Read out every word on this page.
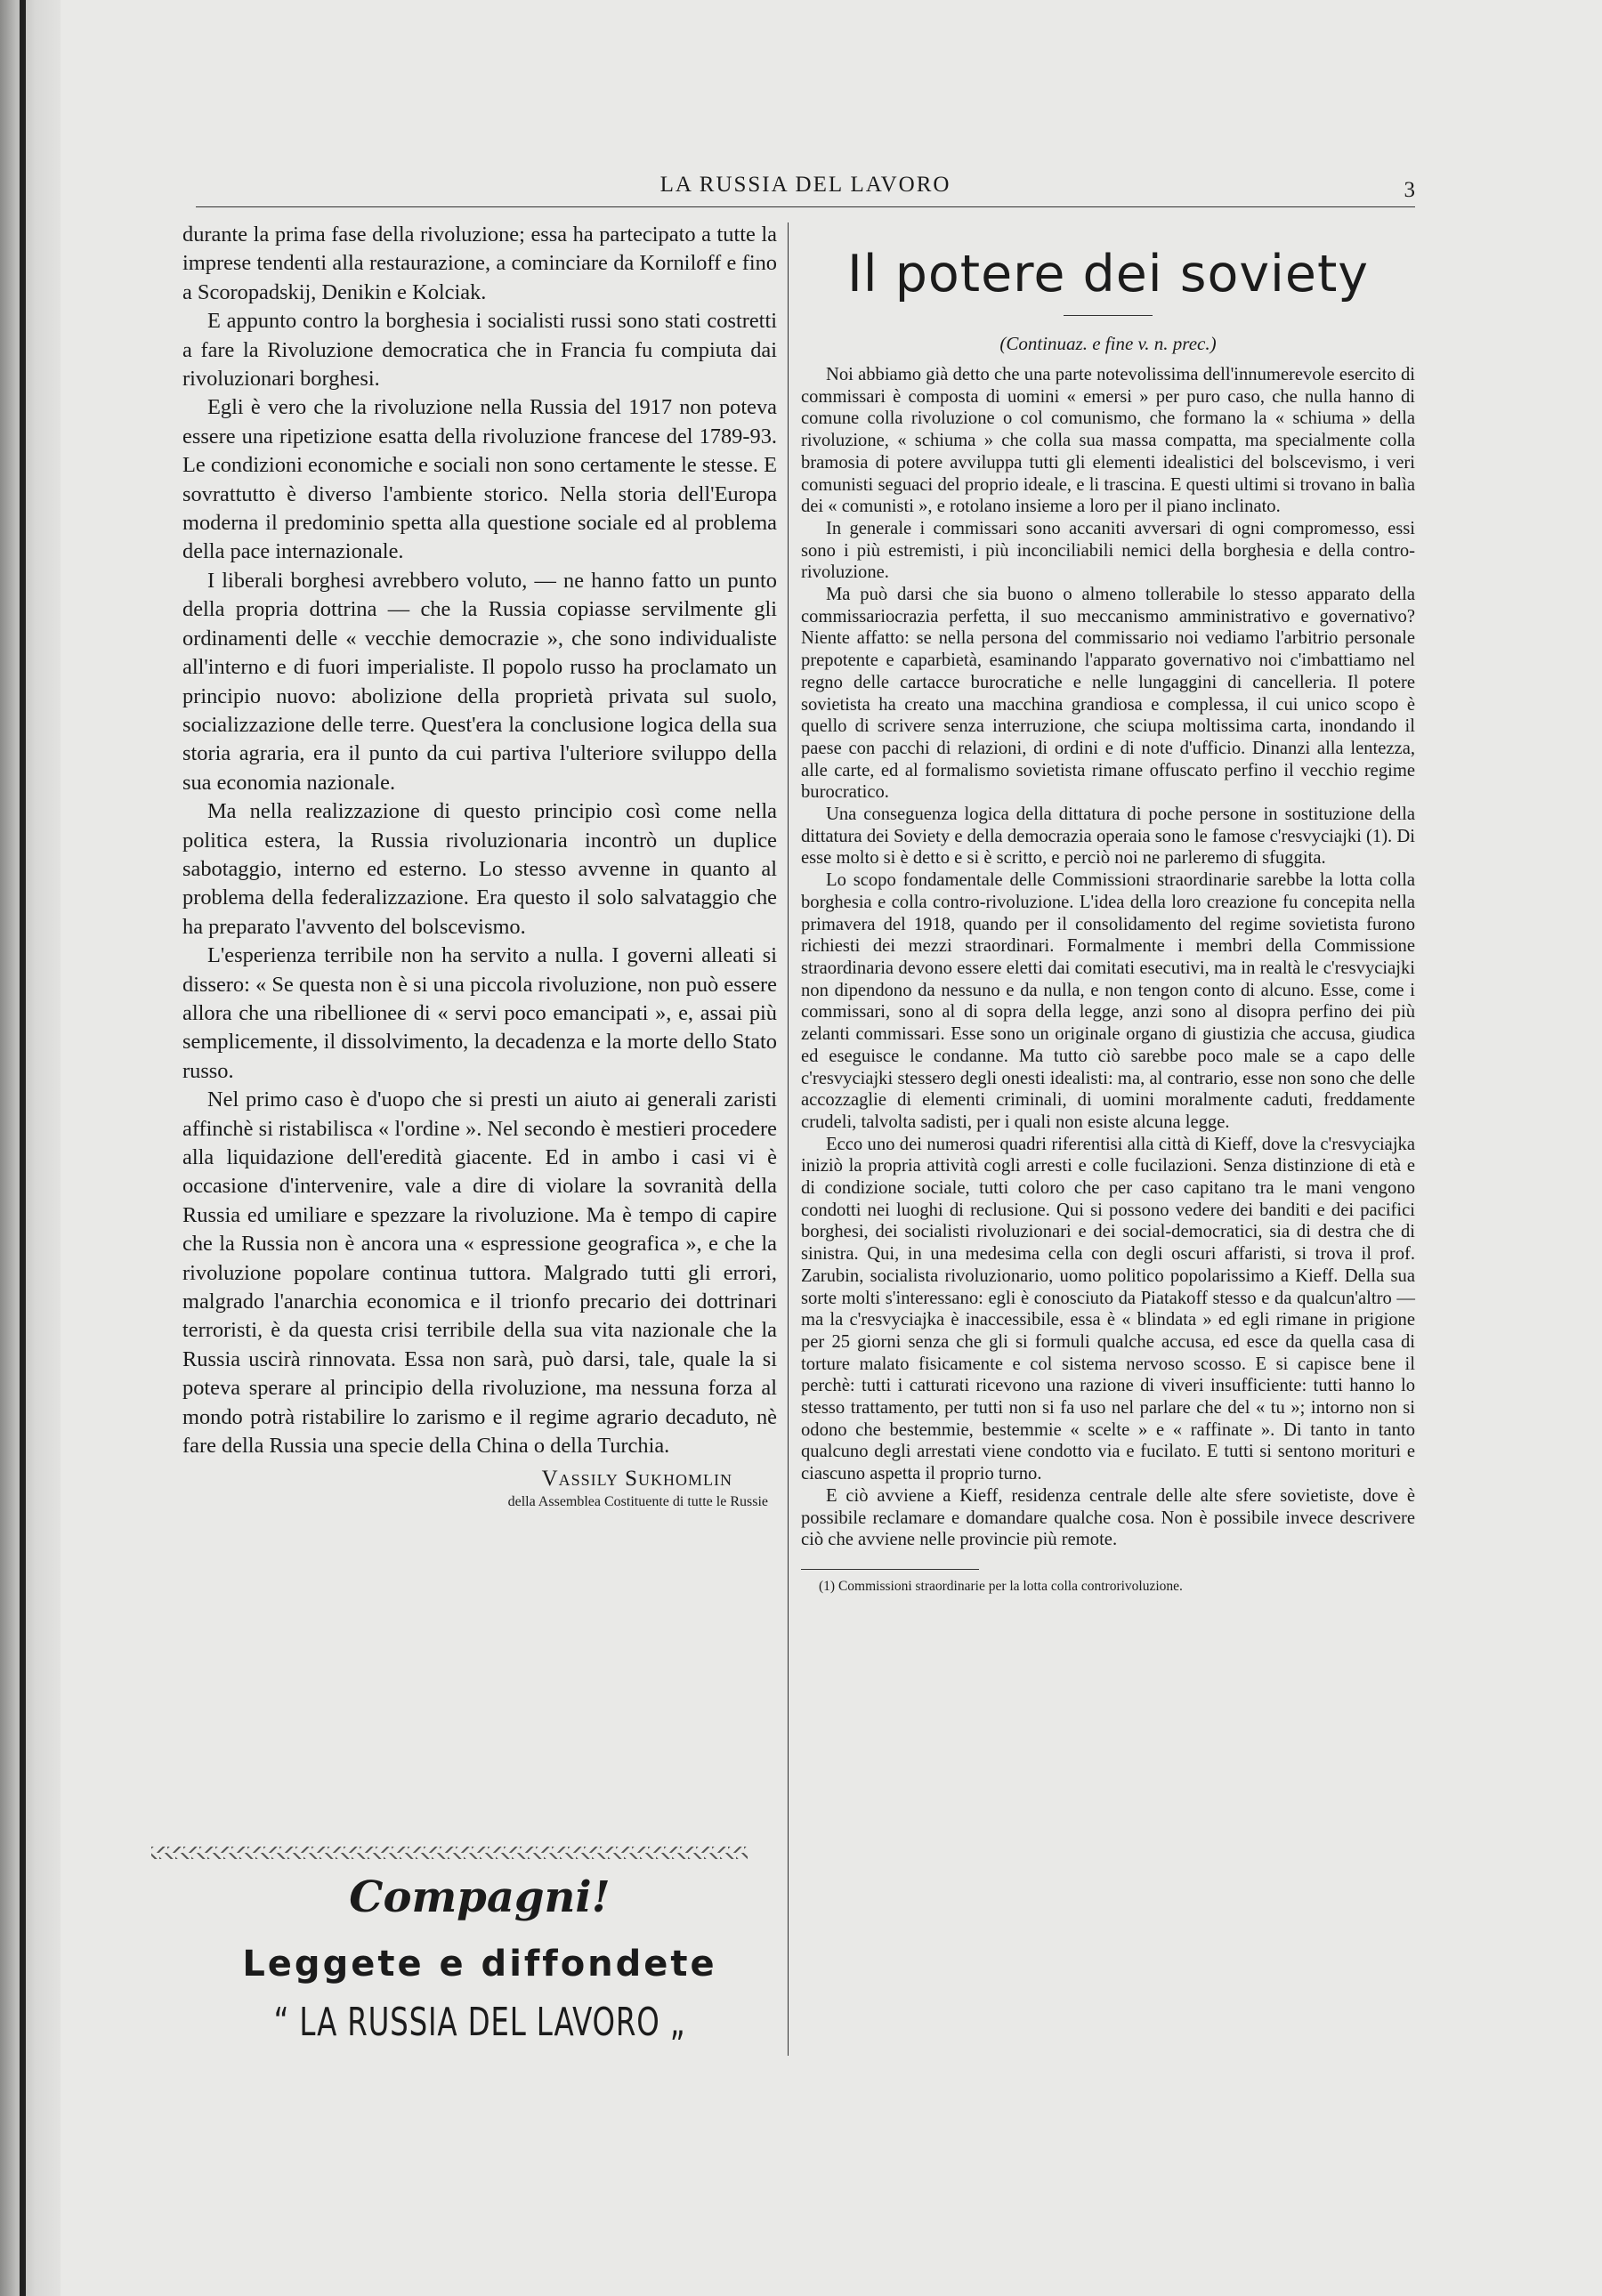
LA RUSSIA DEL LAVORO	3

durante la prima fase della rivoluzione; essa ha partecipato a tutte la imprese tendenti alla restaurazione, a cominciare da Korniloff e fino a Scoropadskij, Denikin e Kolciak.

E appunto contro la borghesia i socialisti russi sono stati costretti a fare la Rivoluzione democratica che in Francia fu compiuta dai rivoluzionari borghesi.

Egli è vero che la rivoluzione nella Russia del 1917 non poteva essere una ripetizione esatta della rivoluzione francese del 1789-93. Le condizioni economiche e sociali non sono certamente le stesse. E sovrattutto è diverso l'ambiente storico. Nella storia dell'Europa moderna il predominio spetta alla questione sociale ed al problema della pace internazionale.

I liberali borghesi avrebbero voluto, — ne hanno fatto un punto della propria dottrina — che la Russia copiasse servilmente gli ordinamenti delle « vecchie democrazie », che sono individualiste all'interno e di fuori imperialiste. Il popolo russo ha proclamato un principio nuovo: abolizione della proprietà privata sul suolo, socializzazione delle terre. Quest'era la conclusione logica della sua storia agraria, era il punto da cui partiva l'ulteriore sviluppo della sua economia nazionale.

Ma nella realizzazione di questo principio così come nella politica estera, la Russia rivoluzionaria incontrò un duplice sabotaggio, interno ed esterno. Lo stesso avvenne in quanto al problema della federalizzazione. Era questo il solo salvataggio che ha preparato l'avvento del bolscevismo.

L'esperienza terribile non ha servito a nulla. I governi alleati si dissero: « Se questa non è si una piccola rivoluzione, non può essere allora che una ribellionee di « servi poco emancipati », e, assai più semplicemente, il dissolvimento, la decadenza e la morte dello Stato russo.

Nel primo caso è d'uopo che si presti un aiuto ai generali zaristi affinchè si ristabilisca « l'ordine ». Nel secondo è mestieri procedere alla liquidazione dell'eredità giacente. Ed in ambo i casi vi è occasione d'intervenire, vale a dire di violare la sovranità della Russia ed umiliare e spezzare la rivoluzione. Ma è tempo di capire che la Russia non è ancora una « espressione geografica », e che la rivoluzione popolare continua tuttora. Malgrado tutti gli errori, malgrado l'anarchia economica e il trionfo precario dei dottrinari terroristi, è da questa crisi terribile della sua vita nazionale che la Russia uscirà rinnovata. Essa non sarà, può darsi, tale, quale la si poteva sperare al principio della rivoluzione, ma nessuna forza al mondo potrà ristabilire lo zarismo e il regime agrario decaduto, nè fare della Russia una specie della China o della Turchia.

Vassily Sukhomlin
della Assemblea Costituente di tutte le Russie
Compagni!
Leggete e diffondete
“ LA RUSSIA DEL LAVORO „
Il potere dei soviety
(Continuaz. e fine v. n. prec.)

Noi abbiamo già detto che una parte notevolissima dell'innumerevole esercito di commissari è composta di uomini « emersi » per puro caso, che nulla hanno di comune colla rivoluzione o col comunismo, che formano la « schiuma » della rivoluzione, « schiuma » che colla sua massa compatta, ma specialmente colla bramosia di potere avviluppa tutti gli elementi idealistici del bolscevismo, i veri comunisti seguaci del proprio ideale, e li trascina. E questi ultimi si trovano in balìa dei « comunisti », e rotolano insieme a loro per il piano inclinato.

In generale i commissari sono accaniti avversari di ogni compromesso, essi sono i più estremisti, i più inconciliabili nemici della borghesia e della contro-rivoluzione.

Ma può darsi che sia buono o almeno tollerabile lo stesso apparato della commissariocrazia perfetta, il suo meccanismo amministrativo e governativo? Niente affatto: se nella persona del commissario noi vediamo l'arbitrio personale prepotente e caparbietà, esaminando l'apparato governativo noi c'imbattiamo nel regno delle cartacce burocratiche e nelle lungaggini di cancelleria. Il potere sovietista ha creato una macchina grandiosa e complessa, il cui unico scopo è quello di scrivere senza interruzione, che sciupa moltissima carta, inondando il paese con pacchi di relazioni, di ordini e di note d'ufficio. Dinanzi alla lentezza, alle carte, ed al formalismo sovietista rimane offuscato perfino il vecchio regime burocratico.

Una conseguenza logica della dittatura di poche persone in sostituzione della dittatura dei Soviety e della democrazia operaia sono le famose c'resvyciajki (1). Di esse molto si è detto e si è scritto, e perciò noi ne parleremo di sfuggita.

Lo scopo fondamentale delle Commissioni straordinarie sarebbe la lotta colla borghesia e colla contro-rivoluzione. L'idea della loro creazione fu concepita nella primavera del 1918, quando per il consolidamento del regime sovietista furono richiesti dei mezzi straordinari. Formalmente i membri della Commissione straordinaria devono essere eletti dai comitati esecutivi, ma in realtà le c'resvyciajki non dipendono da nessuno e da nulla, e non tengon conto di alcuno. Esse, come i commissari, sono al di sopra della legge, anzi sono al disopra perfino dei più zelanti commissari. Esse sono un originale organo di giustizia che accusa, giudica ed eseguisce le condanne. Ma tutto ciò sarebbe poco male se a capo delle c'resvyciajki stessero degli onesti idealisti: ma, al contrario, esse non sono che delle accozzaglie di elementi criminali, di uomini moralmente caduti, freddamente crudeli, talvolta sadisti, per i quali non esiste alcuna legge.

Ecco uno dei numerosi quadri riferentisi alla città di Kieff, dove la c'resvyciajka iniziò la propria attività cogli arresti e colle fucilazioni. Senza distinzione di età e di condizione sociale, tutti coloro che per caso capitano tra le mani vengono condotti nei luoghi di reclusione. Qui si possono vedere dei banditi e dei pacifici borghesi, dei socialisti rivoluzionari e dei social-democratici, sia di destra che di sinistra. Qui, in una medesima cella con degli oscuri affaristi, si trova il prof. Zarubin, socialista rivoluzionario, uomo politico popolarissimo a Kieff. Della sua sorte molti s'interessano: egli è conosciuto da Piatakoff stesso e da qualcun'altro — ma la c'resvyciajka è inaccessibile, essa è « blindata » ed egli rimane in prigione per 25 giorni senza che gli si formuli qualche accusa, ed esce da quella casa di torture malato fisicamente e col sistema nervoso scosso. E si capisce bene il perchè: tutti i catturati ricevono una razione di viveri insufficiente: tutti hanno lo stesso trattamento, per tutti non si fa uso nel parlare che del « tu »; intorno non si odono che bestemmie, bestemmie « scelte » e « raffinate ». Di tanto in tanto qualcuno degli arrestati viene condotto via e fucilato. E tutti si sentono morituri e ciascuno aspetta il proprio turno.

E ciò avviene a Kieff, residenza centrale delle alte sfere sovietiste, dove è possibile reclamare e domandare qualche cosa. Non è possibile invece descrivere ciò che avviene nelle provincie più remote.

(1) Commissioni straordinarie per la lotta colla controrivoluzione.
